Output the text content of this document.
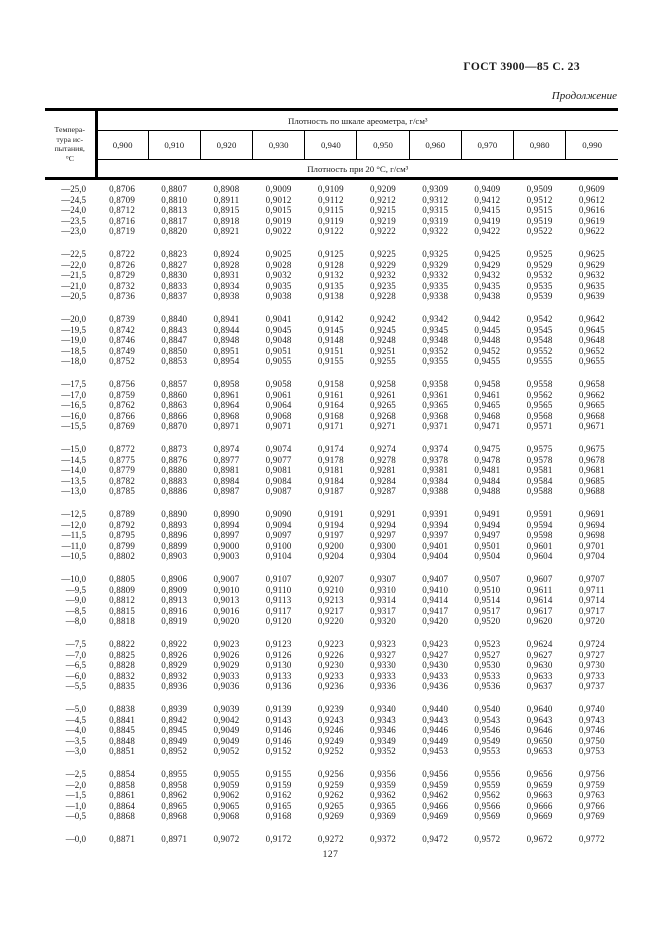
ГОСТ 3900—85 С. 23
Продолжение
Темпера-
тура ис-
пытания,
°С	Плотность по шкале ареометра, г/см³									
	0,900	0,910	0,920	0,930	0,940	0,950	0,960	0,970	0,980	0,990
	Плотность при 20 °С, г/см³									
—25,0	0,8706	0,8807	0,8908	0,9009	0,9109	0,9209	0,9309	0,9409	0,9509	0,9609
—24,5	0,8709	0,8810	0,8911	0,9012	0,9112	0,9212	0,9312	0,9412	0,9512	0,9612
—24,0	0,8712	0,8813	0,8915	0,9015	0,9115	0,9215	0,9315	0,9415	0,9515	0,9616
—23,5	0,8716	0,8817	0,8918	0,9019	0,9119	0,9219	0,9319	0,9419	0,9519	0,9619
—23,0	0,8719	0,8820	0,8921	0,9022	0,9122	0,9222	0,9322	0,9422	0,9522	0,9622

—22,5	0,8722	0,8823	0,8924	0,9025	0,9125	0,9225	0,9325	0,9425	0,9525	0,9625
—22,0	0,8726	0,8827	0,8928	0,9028	0,9128	0,9229	0,9329	0,9429	0,9529	0,9629
—21,5	0,8729	0,8830	0,8931	0,9032	0,9132	0,9232	0,9332	0,9432	0,9532	0,9632
—21,0	0,8732	0,8833	0,8934	0,9035	0,9135	0,9235	0,9335	0,9435	0,9535	0,9635
—20,5	0,8736	0,8837	0,8938	0,9038	0,9138	0,9228	0,9338	0,9438	0,9539	0,9639

—20,0	0,8739	0,8840	0,8941	0,9041	0,9142	0,9242	0,9342	0,9442	0,9542	0,9642
—19,5	0,8742	0,8843	0,8944	0,9045	0,9145	0,9245	0,9345	0,9445	0,9545	0,9645
—19,0	0,8746	0,8847	0,8948	0,9048	0,9148	0,9248	0,9348	0,9448	0,9548	0,9648
—18,5	0,8749	0,8850	0,8951	0,9051	0,9151	0,9251	0,9352	0,9452	0,9552	0,9652
—18,0	0,8752	0,8853	0,8954	0,9055	0,9155	0,9255	0,9355	0,9455	0,9555	0,9655

—17,5	0,8756	0,8857	0,8958	0,9058	0,9158	0,9258	0,9358	0,9458	0,9558	0,9658
—17,0	0,8759	0,8860	0,8961	0,9061	0,9161	0,9261	0,9361	0,9461	0,9562	0,9662
—16,5	0,8762	0,8863	0,8964	0,9064	0,9164	0,9265	0,9365	0,9465	0,9565	0,9665
—16,0	0,8766	0,8866	0,8968	0,9068	0,9168	0,9268	0,9368	0,9468	0,9568	0,9668
—15,5	0,8769	0,8870	0,8971	0,9071	0,9171	0,9271	0,9371	0,9471	0,9571	0,9671

—15,0	0,8772	0,8873	0,8974	0,9074	0,9174	0,9274	0,9374	0,9475	0,9575	0,9675
—14,5	0,8775	0,8876	0,8977	0,9077	0,9178	0,9278	0,9378	0,9478	0,9578	0,9678
—14,0	0,8779	0,8880	0,8981	0,9081	0,9181	0,9281	0,9381	0,9481	0,9581	0,9681
—13,5	0,8782	0,8883	0,8984	0,9084	0,9184	0,9284	0,9384	0,9484	0,9584	0,9685
—13,0	0,8785	0,8886	0,8987	0,9087	0,9187	0,9287	0,9388	0,9488	0,9588	0,9688

—12,5	0,8789	0,8890	0,8990	0,9090	0,9191	0,9291	0,9391	0,9491	0,9591	0,9691
—12,0	0,8792	0,8893	0,8994	0,9094	0,9194	0,9294	0,9394	0,9494	0,9594	0,9694
—11,5	0,8795	0,8896	0,8997	0,9097	0,9197	0,9297	0,9397	0,9497	0,9598	0,9698
—11,0	0,8799	0,8899	0,9000	0,9100	0,9200	0,9300	0,9401	0,9501	0,9601	0,9701
—10,5	0,8802	0,8903	0,9003	0,9104	0,9204	0,9304	0,9404	0,9504	0,9604	0,9704

—10,0	0,8805	0,8906	0,9007	0,9107	0,9207	0,9307	0,9407	0,9507	0,9607	0,9707
—9,5	0,8809	0,8909	0,9010	0,9110	0,9210	0,9310	0,9410	0,9510	0,9611	0,9711
—9,0	0,8812	0,8913	0,9013	0,9113	0,9213	0,9314	0,9414	0,9514	0,9614	0,9714
—8,5	0,8815	0,8916	0,9016	0,9117	0,9217	0,9317	0,9417	0,9517	0,9617	0,9717
—8,0	0,8818	0,8919	0,9020	0,9120	0,9220	0,9320	0,9420	0,9520	0,9620	0,9720

—7,5	0,8822	0,8922	0,9023	0,9123	0,9223	0,9323	0,9423	0,9523	0,9624	0,9724
—7,0	0,8825	0,8926	0,9026	0,9126	0,9226	0,9327	0,9427	0,9527	0,9627	0,9727
—6,5	0,8828	0,8929	0,9029	0,9130	0,9230	0,9330	0,9430	0,9530	0,9630	0,9730
—6,0	0,8832	0,8932	0,9033	0,9133	0,9233	0,9333	0,9433	0,9533	0,9633	0,9733
—5,5	0,8835	0,8936	0,9036	0,9136	0,9236	0,9336	0,9436	0,9536	0,9637	0,9737

—5,0	0,8838	0,8939	0,9039	0,9139	0,9239	0,9340	0,9440	0,9540	0,9640	0,9740
—4,5	0,8841	0,8942	0,9042	0,9143	0,9243	0,9343	0,9443	0,9543	0,9643	0,9743
—4,0	0,8845	0,8945	0,9049	0,9146	0,9246	0,9346	0,9446	0,9546	0,9646	0,9746
—3,5	0,8848	0,8949	0,9049	0,9146	0,9249	0,9349	0,9449	0,9549	0,9650	0,9750
—3,0	0,8851	0,8952	0,9052	0,9152	0,9252	0,9352	0,9453	0,9553	0,9653	0,9753

—2,5	0,8854	0,8955	0,9055	0,9155	0,9256	0,9356	0,9456	0,9556	0,9656	0,9756
—2,0	0,8858	0,8958	0,9059	0,9159	0,9259	0,9359	0,9459	0,9559	0,9659	0,9759
—1,5	0,8861	0,8962	0,9062	0,9162	0,9262	0,9362	0,9462	0,9562	0,9663	0,9763
—1,0	0,8864	0,8965	0,9065	0,9165	0,9265	0,9365	0,9466	0,9566	0,9666	0,9766
—0,5	0,8868	0,8968	0,9068	0,9168	0,9269	0,9369	0,9469	0,9569	0,9669	0,9769

—0,0	0,8871	0,8971	0,9072	0,9172	0,9272	0,9372	0,9472	0,9572	0,9672	0,9772
127
